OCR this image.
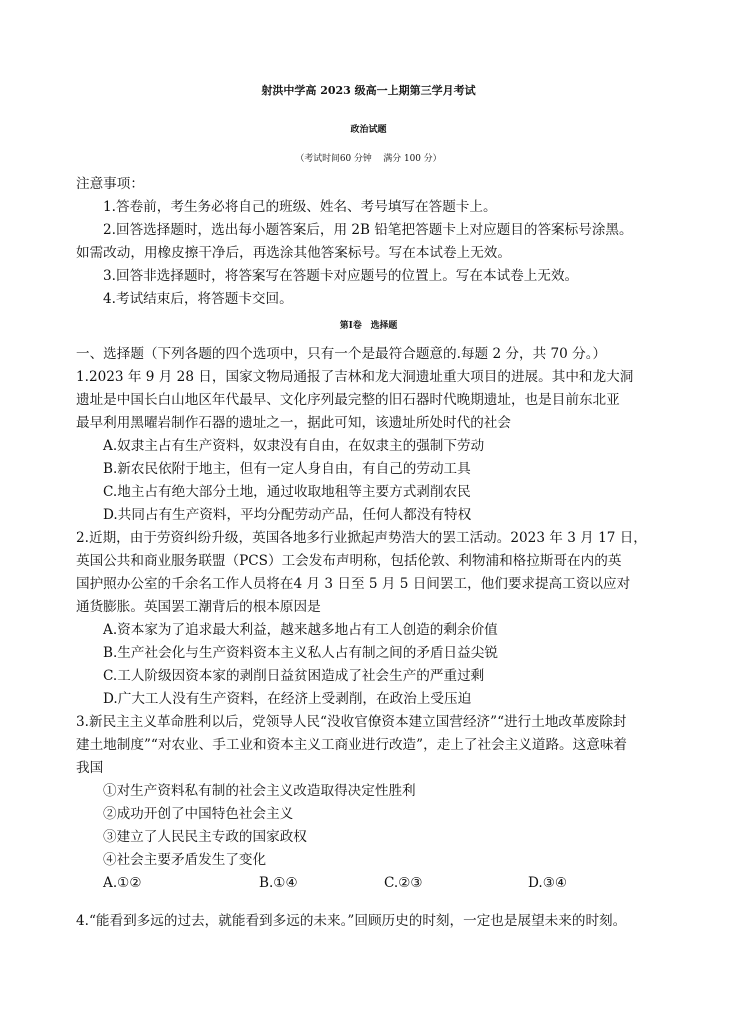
射洪中学高 2023 级高一上期第三学月考试
政治试题
（考试时间60 分钟　 满分 100 分）
注意事项：
1.答卷前，考生务必将自己的班级、姓名、考号填写在答题卡上。
2.回答选择题时，选出每小题答案后，用 2B 铅笔把答题卡上对应题目的答案标号涂黑。
如需改动，用橡皮擦干净后，再选涂其他答案标号。写在本试卷上无效。
3.回答非选择题时，将答案写在答题卡对应题号的位置上。写在本试卷上无效。
4.考试结束后，将答题卡交回。
第Ⅰ卷　选择题
一、选择题（下列各题的四个选项中，只有一个是最符合题意的.每题 2 分，共 70 分。）
1.2023 年 9 月 28 日，国家文物局通报了吉林和龙大洞遗址重大项目的进展。其中和龙大洞
遗址是中国长白山地区年代最早、文化序列最完整的旧石器时代晚期遗址，也是目前东北亚
最早利用黑曜岩制作石器的遗址之一，据此可知，该遗址所处时代的社会
A.奴隶主占有生产资料，奴隶没有自由，在奴隶主的强制下劳动
B.新农民依附于地主，但有一定人身自由，有自己的劳动工具
C.地主占有绝大部分土地，通过收取地租等主要方式剥削农民
D.共同占有生产资料，平均分配劳动产品，任何人都没有特权
2.近期，由于劳资纠纷升级，英国各地多行业掀起声势浩大的罢工活动。2023 年 3 月 17 日，
英国公共和商业服务联盟（PCS）工会发布声明称，包括伦敦、利物浦和格拉斯哥在内的英
国护照办公室的千余名工作人员将在4 月 3 日至 5 月 5 日间罢工，他们要求提高工资以应对
通货膨胀。英国罢工潮背后的根本原因是
A.资本家为了追求最大利益，越来越多地占有工人创造的剩余价值
B.生产社会化与生产资料资本主义私人占有制之间的矛盾日益尖锐
C.工人阶级因资本家的剥削日益贫困造成了社会生产的严重过剩
D.广大工人没有生产资料，在经济上受剥削，在政治上受压迫
3.新民主主义革命胜利以后，党领导人民“没收官僚资本建立国营经济”“进行土地改革废除封
建土地制度”“对农业、手工业和资本主义工商业进行改造”，走上了社会主义道路。这意味着
我国
①对生产资料私有制的社会主义改造取得决定性胜利
②成功开创了中国特色社会主义
③建立了人民民主专政的国家政权
④社会主要矛盾发生了变化
A.①②	B.①④	C.②③	D.③④
4.“能看到多远的过去，就能看到多远的未来。”回顾历史的时刻，一定也是展望未来的时刻。
